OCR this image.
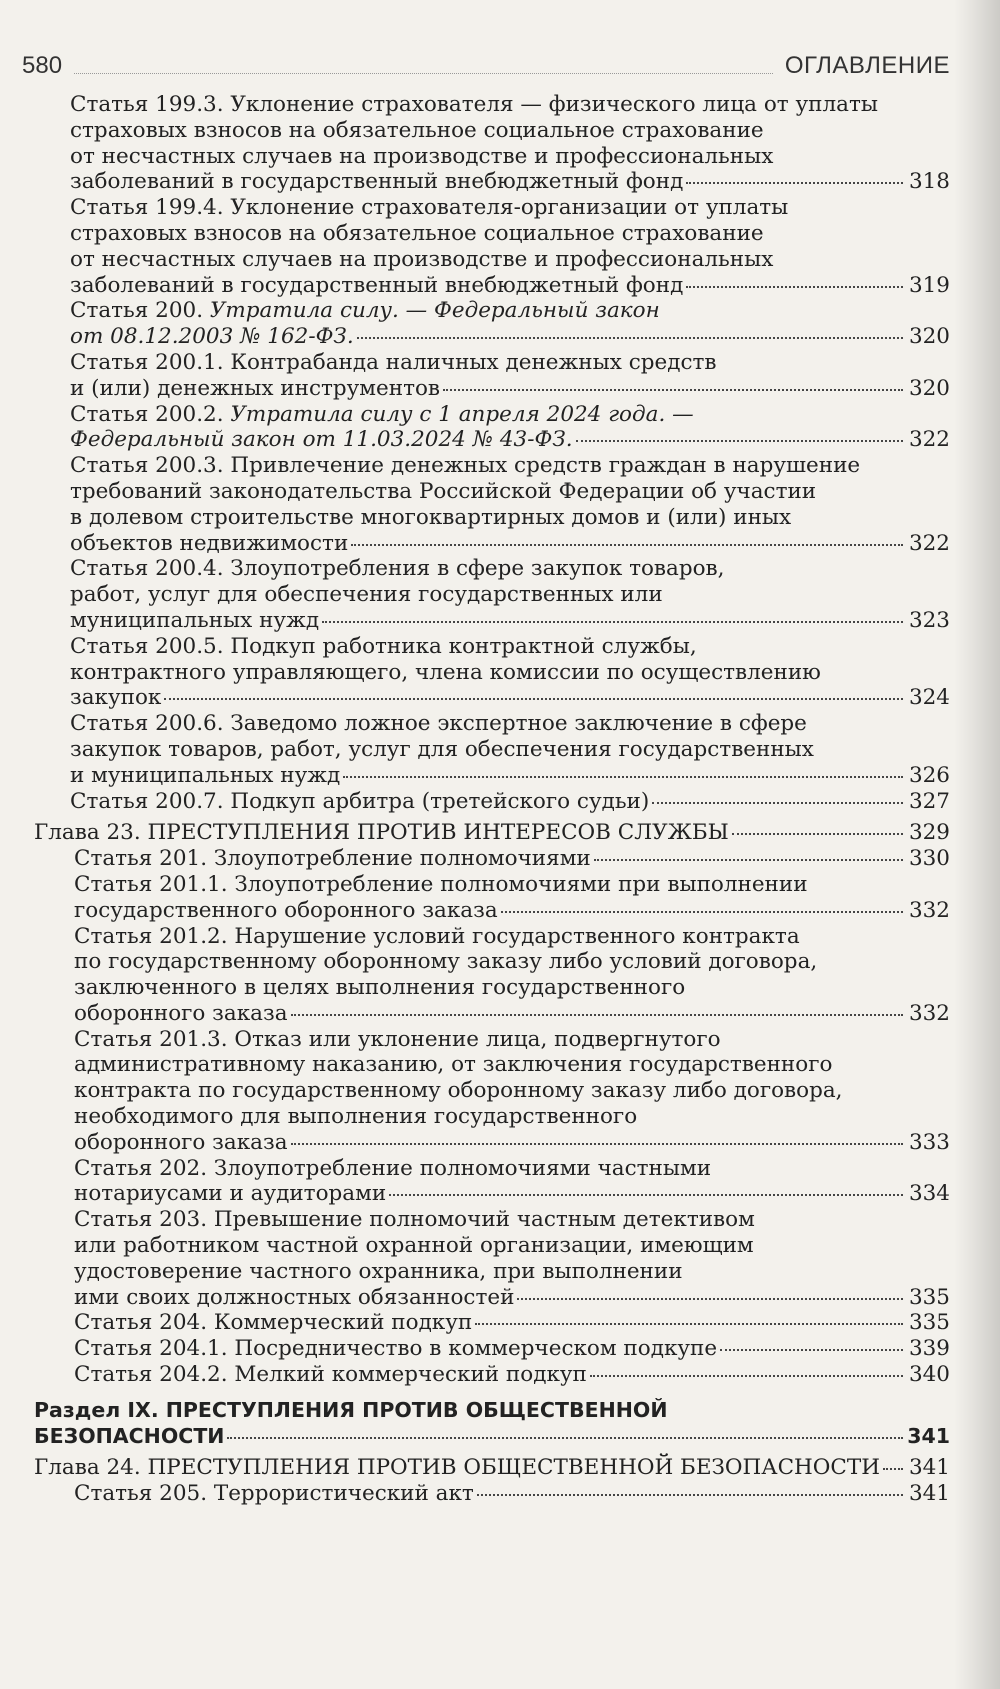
580	ОГЛАВЛЕНИЕ
Статья 199.3. Уклонение страхователя — физического лица от уплаты
страховых взносов на обязательное социальное страхование
от несчастных случаев на производстве и профессиональных
заболеваний в государственный внебюджетный фонд	318
Статья 199.4. Уклонение страхователя-организации от уплаты
страховых взносов на обязательное социальное страхование
от несчастных случаев на производстве и профессиональных
заболеваний в государственный внебюджетный фонд	319
Статья 200. Утратила силу. — Федеральный закон
от 08.12.2003 № 162-ФЗ.	320
Статья 200.1. Контрабанда наличных денежных средств
и (или) денежных инструментов	320
Статья 200.2. Утратила силу с 1 апреля 2024 года. —
Федеральный закон от 11.03.2024 № 43-ФЗ.	322
Статья 200.3. Привлечение денежных средств граждан в нарушение
требований законодательства Российской Федерации об участии
в долевом строительстве многоквартирных домов и (или) иных
объектов недвижимости	322
Статья 200.4. Злоупотребления в сфере закупок товаров,
работ, услуг для обеспечения государственных или
муниципальных нужд	323
Статья 200.5. Подкуп работника контрактной службы,
контрактного управляющего, члена комиссии по осуществлению
закупок	324
Статья 200.6. Заведомо ложное экспертное заключение в сфере
закупок товаров, работ, услуг для обеспечения государственных
и муниципальных нужд	326
Статья 200.7. Подкуп арбитра (третейского судьи)	327
Глава 23. ПРЕСТУПЛЕНИЯ ПРОТИВ ИНТЕРЕСОВ СЛУЖБЫ	329
Статья 201. Злоупотребление полномочиями	330
Статья 201.1. Злоупотребление полномочиями при выполнении
государственного оборонного заказа	332
Статья 201.2. Нарушение условий государственного контракта
по государственному оборонному заказу либо условий договора,
заключенного в целях выполнения государственного
оборонного заказа	332
Статья 201.3. Отказ или уклонение лица, подвергнутого
административному наказанию, от заключения государственного
контракта по государственному оборонному заказу либо договора,
необходимого для выполнения государственного
оборонного заказа	333
Статья 202. Злоупотребление полномочиями частными
нотариусами и аудиторами	334
Статья 203. Превышение полномочий частным детективом
или работником частной охранной организации, имеющим
удостоверение частного охранника, при выполнении
ими своих должностных обязанностей	335
Статья 204. Коммерческий подкуп	335
Статья 204.1. Посредничество в коммерческом подкупе	339
Статья 204.2. Мелкий коммерческий подкуп	340
Раздел IX. ПРЕСТУПЛЕНИЯ ПРОТИВ ОБЩЕСТВЕННОЙ
БЕЗОПАСНОСТИ	341
Глава 24. ПРЕСТУПЛЕНИЯ ПРОТИВ ОБЩЕСТВЕННОЙ БЕЗОПАСНОСТИ 341
Статья 205. Террористический акт	341
